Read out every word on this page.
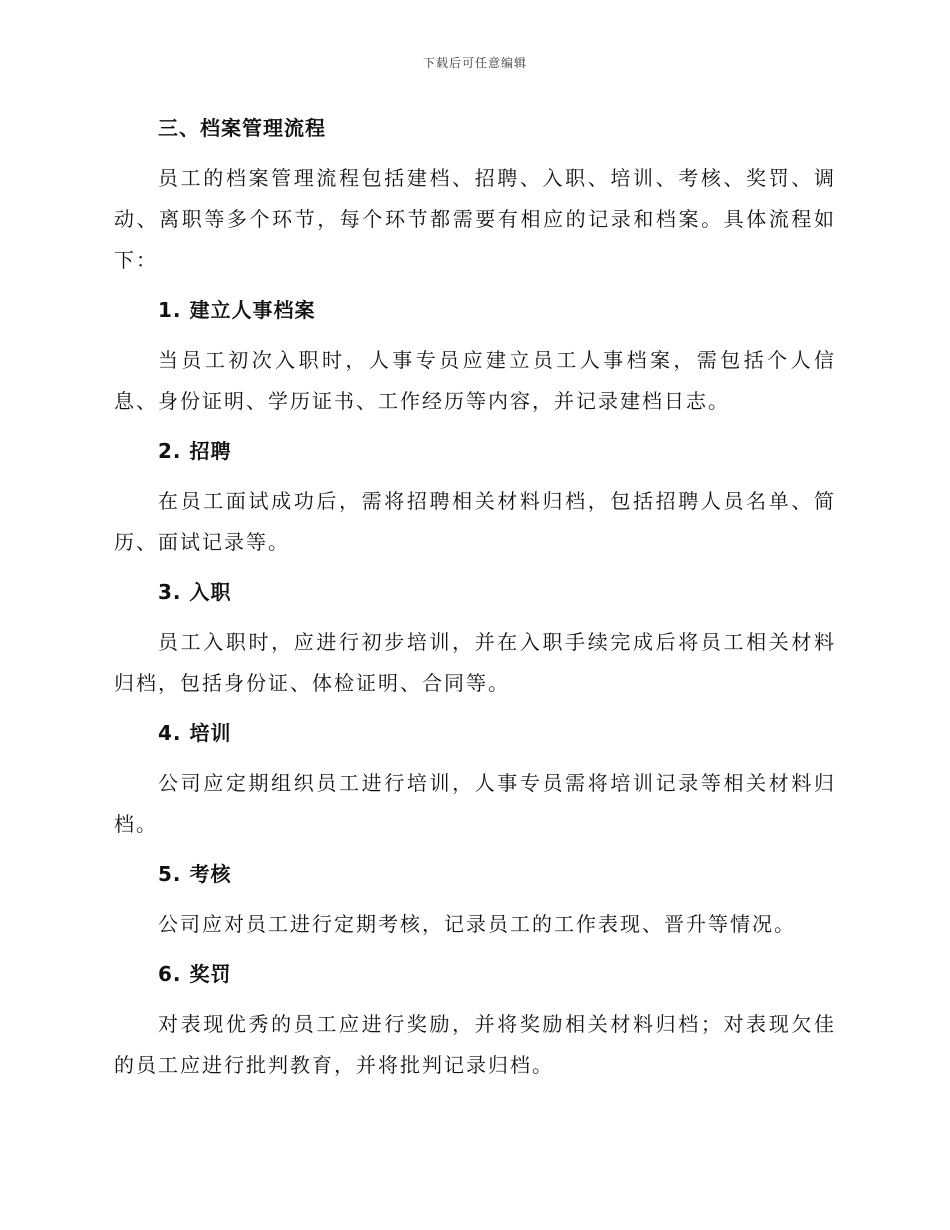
下载后可任意编辑
三、档案管理流程

员工的档案管理流程包括建档、招聘、入职、培训、考核、奖罚、调动、离职等多个环节，每个环节都需要有相应的记录和档案。具体流程如下：

1. 建立人事档案

当员工初次入职时，人事专员应建立员工人事档案，需包括个人信息、身份证明、学历证书、工作经历等内容，并记录建档日志。

2. 招聘

在员工面试成功后，需将招聘相关材料归档，包括招聘人员名单、简历、面试记录等。

3. 入职

员工入职时，应进行初步培训，并在入职手续完成后将员工相关材料归档，包括身份证、体检证明、合同等。

4. 培训

公司应定期组织员工进行培训，人事专员需将培训记录等相关材料归档。

5. 考核

公司应对员工进行定期考核，记录员工的工作表现、晋升等情况。

6. 奖罚

对表现优秀的员工应进行奖励，并将奖励相关材料归档；对表现欠佳的员工应进行批判教育，并将批判记录归档。
